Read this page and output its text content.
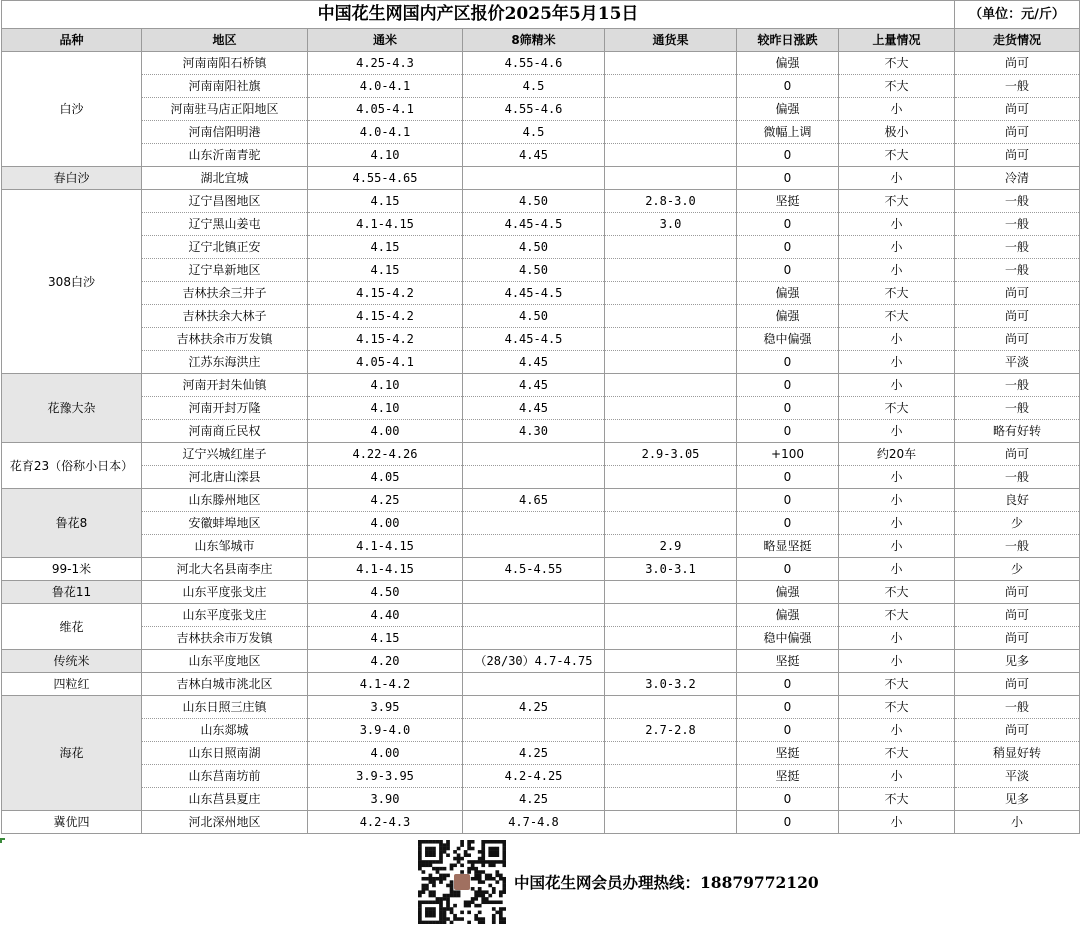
中国花生网国内产区报价2025年5月15日							（单位：元/斤）
品种	地区	通米	8筛精米	通货果	较昨日涨跌	上量情况	走货情况
白沙	河南南阳石桥镇	4.25-4.3	4.55-4.6		偏强	不大	尚可
	河南南阳社旗	4.0-4.1	4.5		0	不大	一般
	河南驻马店正阳地区	4.05-4.1	4.55-4.6		偏强	小	尚可
	河南信阳明港	4.0-4.1	4.5		微幅上调	极小	尚可
	山东沂南青驼	4.10	4.45		0	不大	尚可
春白沙	湖北宜城	4.55-4.65			0	小	冷清
308白沙	辽宁昌图地区	4.15	4.50	2.8-3.0	坚挺	不大	一般
	辽宁黑山姜屯	4.1-4.15	4.45-4.5	3.0	0	小	一般
	辽宁北镇正安	4.15	4.50		0	小	一般
	辽宁阜新地区	4.15	4.50		0	小	一般
	吉林扶余三井子	4.15-4.2	4.45-4.5		偏强	不大	尚可
	吉林扶余大林子	4.15-4.2	4.50		偏强	不大	尚可
	吉林扶余市万发镇	4.15-4.2	4.45-4.5		稳中偏强	小	尚可
	江苏东海洪庄	4.05-4.1	4.45		0	小	平淡
花豫大杂	河南开封朱仙镇	4.10	4.45		0	小	一般
	河南开封万隆	4.10	4.45		0	不大	一般
	河南商丘民权	4.00	4.30		0	小	略有好转
花育23（俗称小日本）	辽宁兴城红崖子	4.22-4.26		2.9-3.05	+100	约20车	尚可
	河北唐山滦县	4.05			0	小	一般
鲁花8	山东滕州地区	4.25	4.65		0	小	良好
	安徽蚌埠地区	4.00			0	小	少
	山东邹城市	4.1-4.15		2.9	略显坚挺	小	一般
99-1米	河北大名县南李庄	4.1-4.15	4.5-4.55	3.0-3.1	0	小	少
鲁花11	山东平度张戈庄	4.50			偏强	不大	尚可
维花	山东平度张戈庄	4.40			偏强	不大	尚可
	吉林扶余市万发镇	4.15			稳中偏强	小	尚可
传统米	山东平度地区	4.20	（28/30）4.7-4.75		坚挺	小	见多
四粒红	吉林白城市洮北区	4.1-4.2		3.0-3.2	0	不大	尚可
海花	山东日照三庄镇	3.95	4.25		0	不大	一般
	山东郯城	3.9-4.0		2.7-2.8	0	小	尚可
	山东日照南湖	4.00	4.25		坚挺	不大	稍显好转
	山东莒南坊前	3.9-3.95	4.2-4.25		坚挺	小	平淡
	山东莒县夏庄	3.90	4.25		0	不大	见多
冀优四	河北深州地区	4.2-4.3	4.7-4.8		0	小	小
中国花生网会员办理热线：18879772120
